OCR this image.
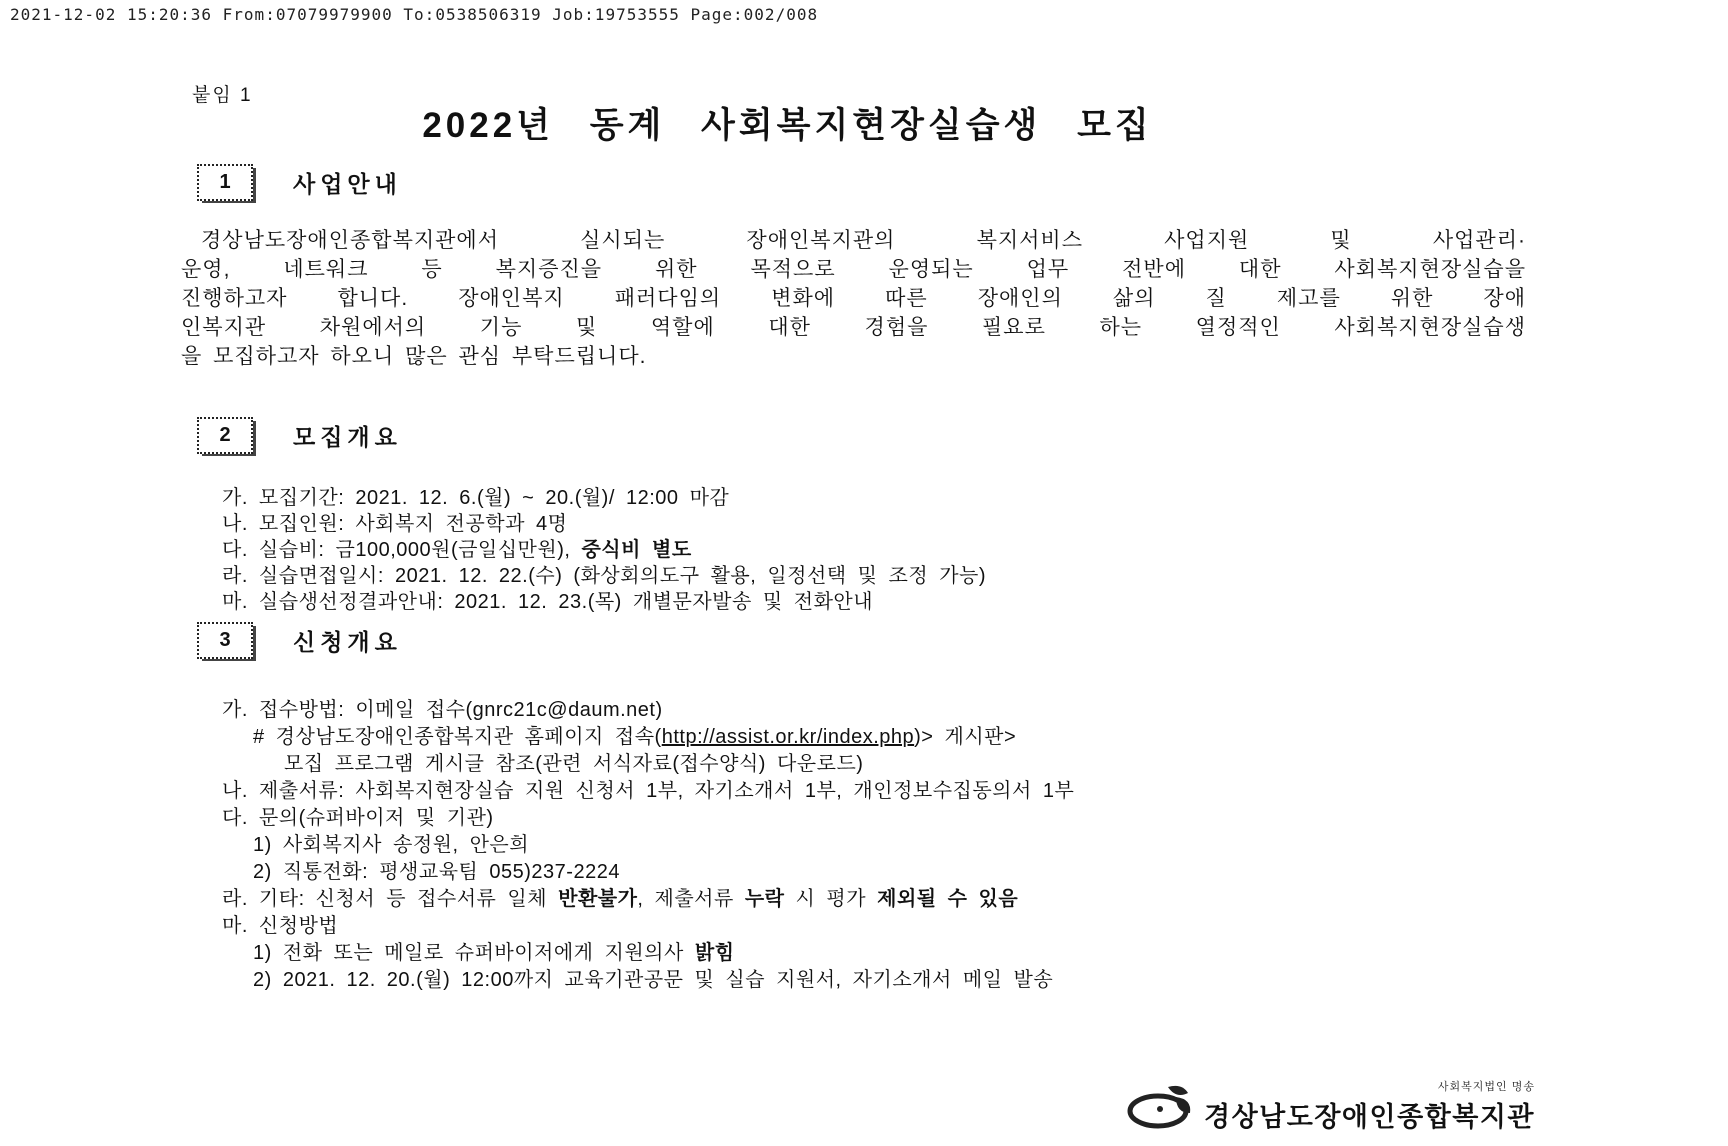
2021-12-02 15:20:36 From:07079979900 To:0538506319 Job:19753555 Page:002/008
붙임 1
2022년 동계 사회복지현장실습생 모집
1	사업안내
경상남도장애인종합복지관에서 실시되는 장애인복지관의 복지서비스 사업지원 및 사업관리·
운영, 네트워크 등 복지증진을 위한 목적으로 운영되는 업무 전반에 대한 사회복지현장실습을
진행하고자 합니다. 장애인복지 패러다임의 변화에 따른 장애인의 삶의 질 제고를 위한 장애
인복지관 차원에서의 기능 및 역할에 대한 경험을 필요로 하는 열정적인 사회복지현장실습생
을 모집하고자 하오니 많은 관심 부탁드립니다.
2	모집개요
가. 모집기간: 2021. 12. 6.(월) ~ 20.(월)/ 12:00 마감
나. 모집인원: 사회복지 전공학과 4명
다. 실습비: 금100,000원(금일십만원), 중식비 별도
라. 실습면접일시: 2021. 12. 22.(수) (화상회의도구 활용, 일정선택 및 조정 가능)
마. 실습생선정결과안내: 2021. 12. 23.(목) 개별문자발송 및 전화안내
3	신청개요
가. 접수방법: 이메일 접수(gnrc21c@daum.net)
# 경상남도장애인종합복지관 홈페이지 접속(http://assist.or.kr/index.php)> 게시판>
모집 프로그램 게시글 참조(관련 서식자료(접수양식) 다운로드)
나. 제출서류: 사회복지현장실습 지원 신청서 1부, 자기소개서 1부, 개인정보수집동의서 1부
다. 문의(슈퍼바이저 및 기관)
1) 사회복지사 송정원, 안은희
2) 직통전화: 평생교육팀 055)237-2224
라. 기타: 신청서 등 접수서류 일체 반환불가, 제출서류 누락 시 평가 제외될 수 있음
마. 신청방법
1) 전화 또는 메일로 슈퍼바이저에게 지원의사 밝힘
2) 2021. 12. 20.(월) 12:00까지 교육기관공문 및 실습 지원서, 자기소개서 메일 발송
사회복지법인 명송
경상남도장애인종합복지관
